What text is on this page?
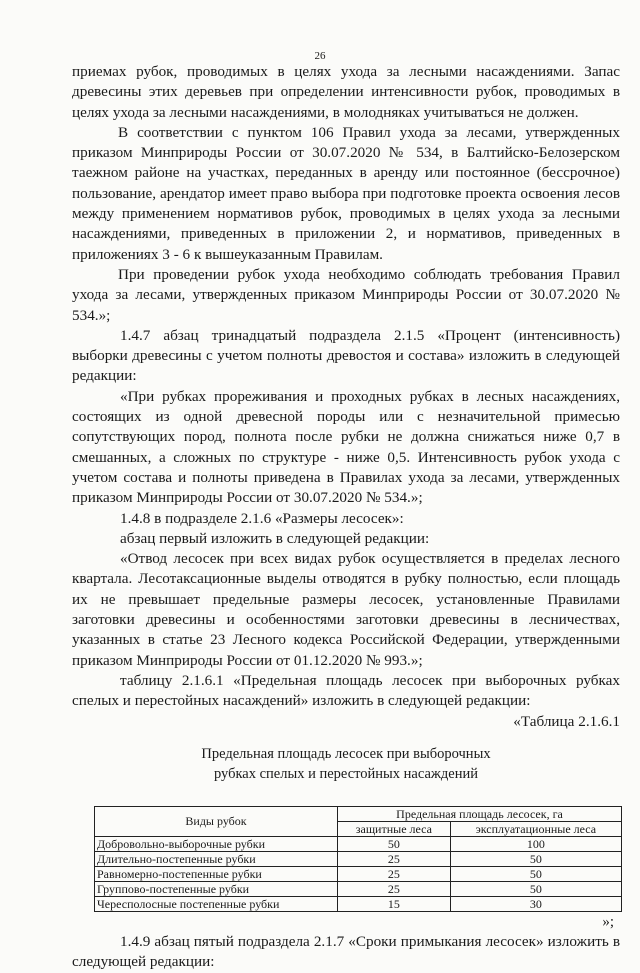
26

приемах рубок, проводимых в целях ухода за лесными насаждениями. Запас древесины этих деревьев при определении интенсивности рубок, проводимых в целях ухода за лесными насаждениями, в молодняках учитываться не должен.

В соответствии с пунктом 106 Правил ухода за лесами, утвержденных приказом Минприроды России от 30.07.2020 № 534, в Балтийско-Белозерском таежном районе на участках, переданных в аренду или постоянное (бессрочное) пользование, арендатор имеет право выбора при подготовке проекта освоения лесов между применением нормативов рубок, проводимых в целях ухода за лесными насаждениями, приведенных в приложении 2, и нормативов, приведенных в приложениях 3 - 6 к вышеуказанным Правилам.

При проведении рубок ухода необходимо соблюдать требования Правил ухода за лесами, утвержденных приказом Минприроды России от 30.07.2020 № 534.»;

1.4.7 абзац тринадцатый подраздела 2.1.5 «Процент (интенсивность) выборки древесины с учетом полноты древостоя и состава» изложить в следующей редакции:

«При рубках прореживания и проходных рубках в лесных насаждениях, состоящих из одной древесной породы или с незначительной примесью сопутствующих пород, полнота после рубки не должна снижаться ниже 0,7 в смешанных, а сложных по структуре - ниже 0,5. Интенсивность рубок ухода с учетом состава и полноты приведена в Правилах ухода за лесами, утвержденных приказом Минприроды России от 30.07.2020 № 534.»;

1.4.8 в подразделе 2.1.6 «Размеры лесосек»:

абзац первый изложить в следующей редакции:

«Отвод лесосек при всех видах рубок осуществляется в пределах лесного квартала. Лесотаксационные выделы отводятся в рубку полностью, если площадь их не превышает предельные размеры лесосек, установленные Правилами заготовки древесины и особенностями заготовки древесины в лесничествах, указанных в статье 23 Лесного кодекса Российской Федерации, утвержденными приказом Минприроды России от 01.12.2020 № 993.»;

таблицу 2.1.6.1 «Предельная площадь лесосек при выборочных рубках спелых и перестойных насаждений» изложить в следующей редакции:

«Таблица 2.1.6.1

Предельная площадь лесосек при выборочных
рубках спелых и перестойных насаждений
Виды рубок	Предельная площадь лесосек, га	
	защитные леса	эксплуатационные леса
Добровольно-выборочные рубки	50	100
Длительно-постепенные рубки	25	50
Равномерно-постепенные рубки	25	50
Группово-постепенные рубки	25	50
Чересполосные постепенные рубки	15	30
»;

1.4.9 абзац пятый подраздела 2.1.7 «Сроки примыкания лесосек» изложить в следующей редакции:
